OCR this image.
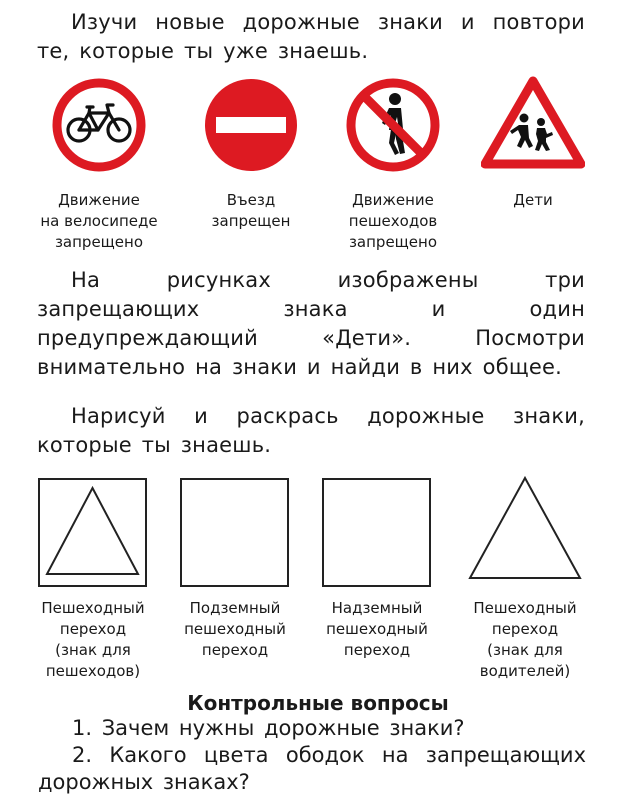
Изучи новые дорожные знаки и повтори те, которые ты уже знаешь.

Движение
на велосипеде
запрещено
Въезд
запрещен
Движение
пешеходов
запрещено
Дети

На рисунках изображены три запрещающих знака и один предупреждающий «Дети». Посмотри внимательно на знаки и найди в них общее.

Нарисуй и раскрась дорожные знаки, которые ты знаешь.

Пешеходный
переход
(знак для
пешеходов)
Подземный
пешеходный
переход
Надземный
пешеходный
переход
Пешеходный
переход
(знак для
водителей)
Контрольные вопросы

1. Зачем нужны дорожные знаки?

2. Какого цвета ободок на запрещающих дорожных знаках?
